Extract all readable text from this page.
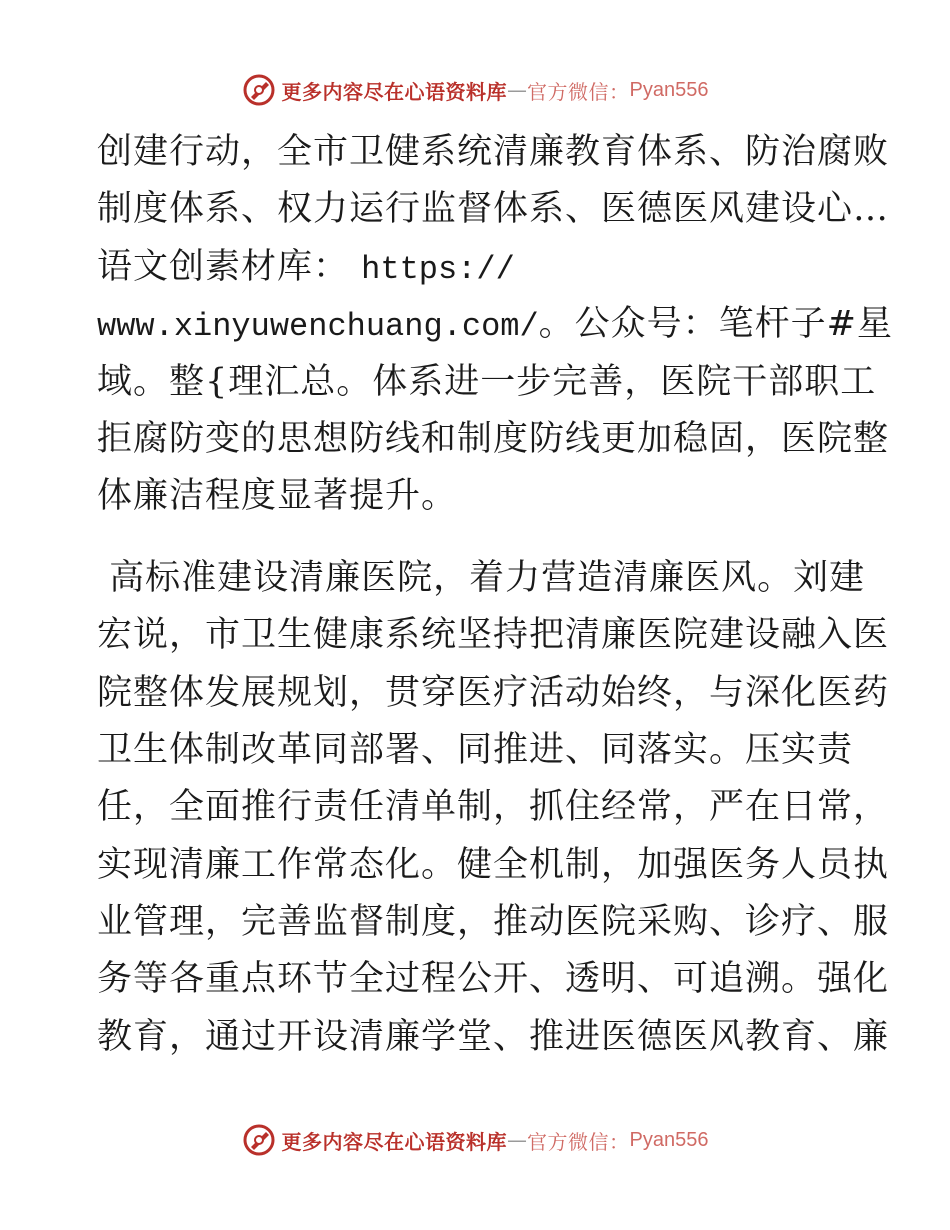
更多内容尽在心语资料库 — 官方微信： Pyan556
创建行动，全市卫健系统清廉教育体系、防治腐败
制度体系、权力运行监督体系、医德医风建设心…
语文创素材库： https://
www.xinyuwenchuang.com/。公众号：笔杆子#星
域。整{理汇总。体系进一步完善，医院干部职工
拒腐防变的思想防线和制度防线更加稳固，医院整
体廉洁程度显著提升。
高标准建设清廉医院，着力营造清廉医风。刘建
宏说，市卫生健康系统坚持把清廉医院建设融入医
院整体发展规划，贯穿医疗活动始终，与深化医药
卫生体制改革同部署、同推进、同落实。压实责
任，全面推行责任清单制，抓住经常，严在日常，
实现清廉工作常态化。健全机制，加强医务人员执
业管理，完善监督制度，推动医院采购、诊疗、服
务等各重点环节全过程公开、透明、可追溯。强化
教育，通过开设清廉学堂、推进医德医风教育、廉
更多内容尽在心语资料库 — 官方微信： Pyan556
